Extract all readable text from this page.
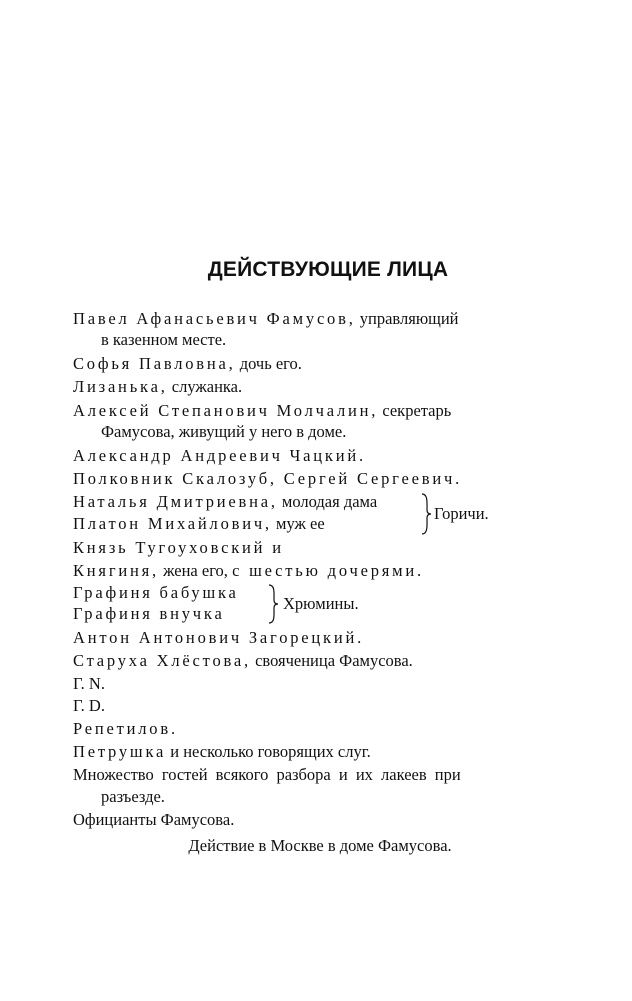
ДЕЙСТВУЮЩИЕ ЛИЦА
Павел Афанасьевич Фамусов, управляющий
в казенном месте.
Софья Павловна, дочь его.
Лизанька, служанка.
Алексей Степанович Молчалин, секретарь
Фамусова, живущий у него в доме.
Александр Андреевич Чацкий.
Полковник Скалозуб, Сергей Сергеевич.
Наталья Дмитриевна, молодая дама
Платон Михайлович, муж ее
Горичи.
Князь Тугоуховский и
Княгиня, жена его, с шестью дочерями.
Графиня бабушка
Графиня внучка
Хрюмины.
Антон Антонович Загорецкий.
Старуха Хлёстова, свояченица Фамусова.
Г. N.
Г. D.
Репетилов.
Петрушка и несколько говорящих слуг.
Множество гостей всякого разбора и их лакеев при
разъезде.
Официанты Фамусова.
Действие в Москве в доме Фамусова.
